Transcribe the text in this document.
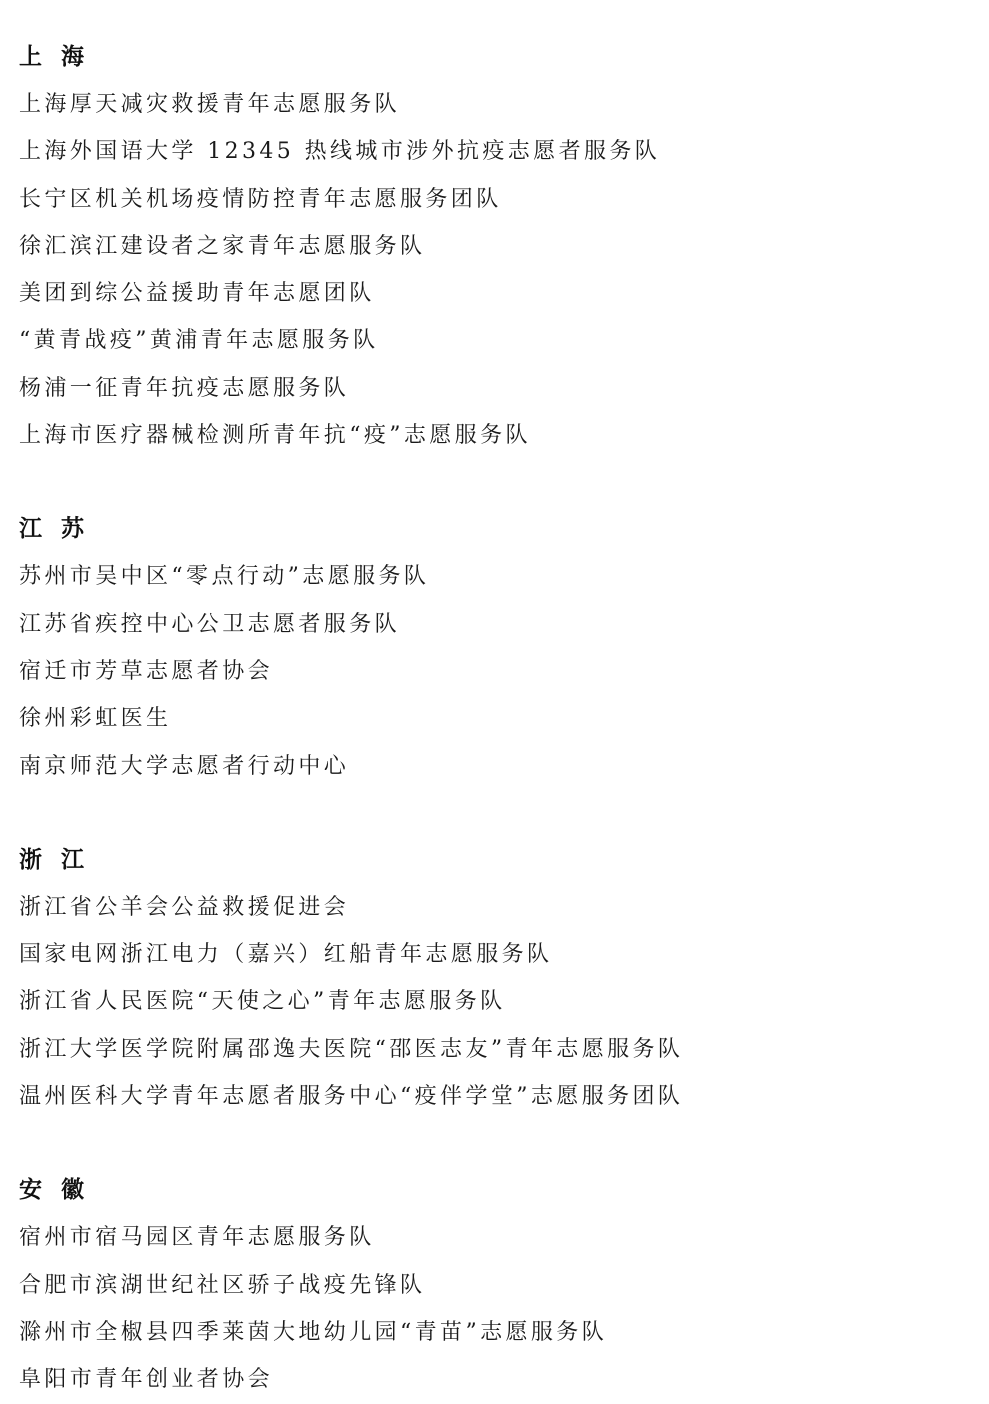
上  海
上海厚天减灾救援青年志愿服务队
上海外国语大学 12345 热线城市涉外抗疫志愿者服务队
长宁区机关机场疫情防控青年志愿服务团队
徐汇滨江建设者之家青年志愿服务队
美团到综公益援助青年志愿团队
“黄青战疫”黄浦青年志愿服务队
杨浦一征青年抗疫志愿服务队
上海市医疗器械检测所青年抗“疫”志愿服务队
江  苏
苏州市吴中区“零点行动”志愿服务队
江苏省疾控中心公卫志愿者服务队
宿迁市芳草志愿者协会
徐州彩虹医生
南京师范大学志愿者行动中心
浙  江
浙江省公羊会公益救援促进会
国家电网浙江电力（嘉兴）红船青年志愿服务队
浙江省人民医院“天使之心”青年志愿服务队
浙江大学医学院附属邵逸夫医院“邵医志友”青年志愿服务队
温州医科大学青年志愿者服务中心“疫伴学堂”志愿服务团队
安  徽
宿州市宿马园区青年志愿服务队
合肥市滨湖世纪社区骄子战疫先锋队
滁州市全椒县四季莱茵大地幼儿园“青苗”志愿服务队
阜阳市青年创业者协会
